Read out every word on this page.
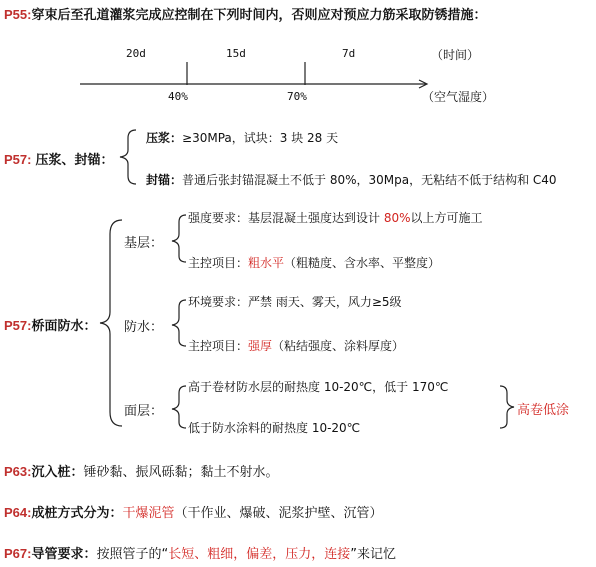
P55:穿束后至孔道灌浆完成应控制在下列时间内，否则应对预应力筋采取防锈措施：
20d	15d	7d	（时间）
40%	70%	（空气湿度）
P57: 压浆、封锚：
压浆：≥30MPa，试块：3 块 28 天
封锚：普通后张封锚混凝土不低于 80%，30Mpa，无粘结不低于结构和 C40
P57:桥面防水：
基层：
强度要求：基层混凝土强度达到设计 80%以上方可施工
主控项目：粗水平（粗糙度、含水率、平整度）
防水：
环境要求：严禁 雨天、雾天，风力≥5级
主控项目：强厚（粘结强度、涂料厚度）
面层：
高于卷材防水层的耐热度 10-20℃，低于 170℃
低于防水涂料的耐热度 10-20℃
高卷低涂
P63:沉入桩：锤砂黏、振风砾黏；黏土不射水。
P64:成桩方式分为：干爆泥管（干作业、爆破、泥浆护壁、沉管）
P67:导管要求：按照管子的“长短、粗细，偏差，压力，连接”来记忆
